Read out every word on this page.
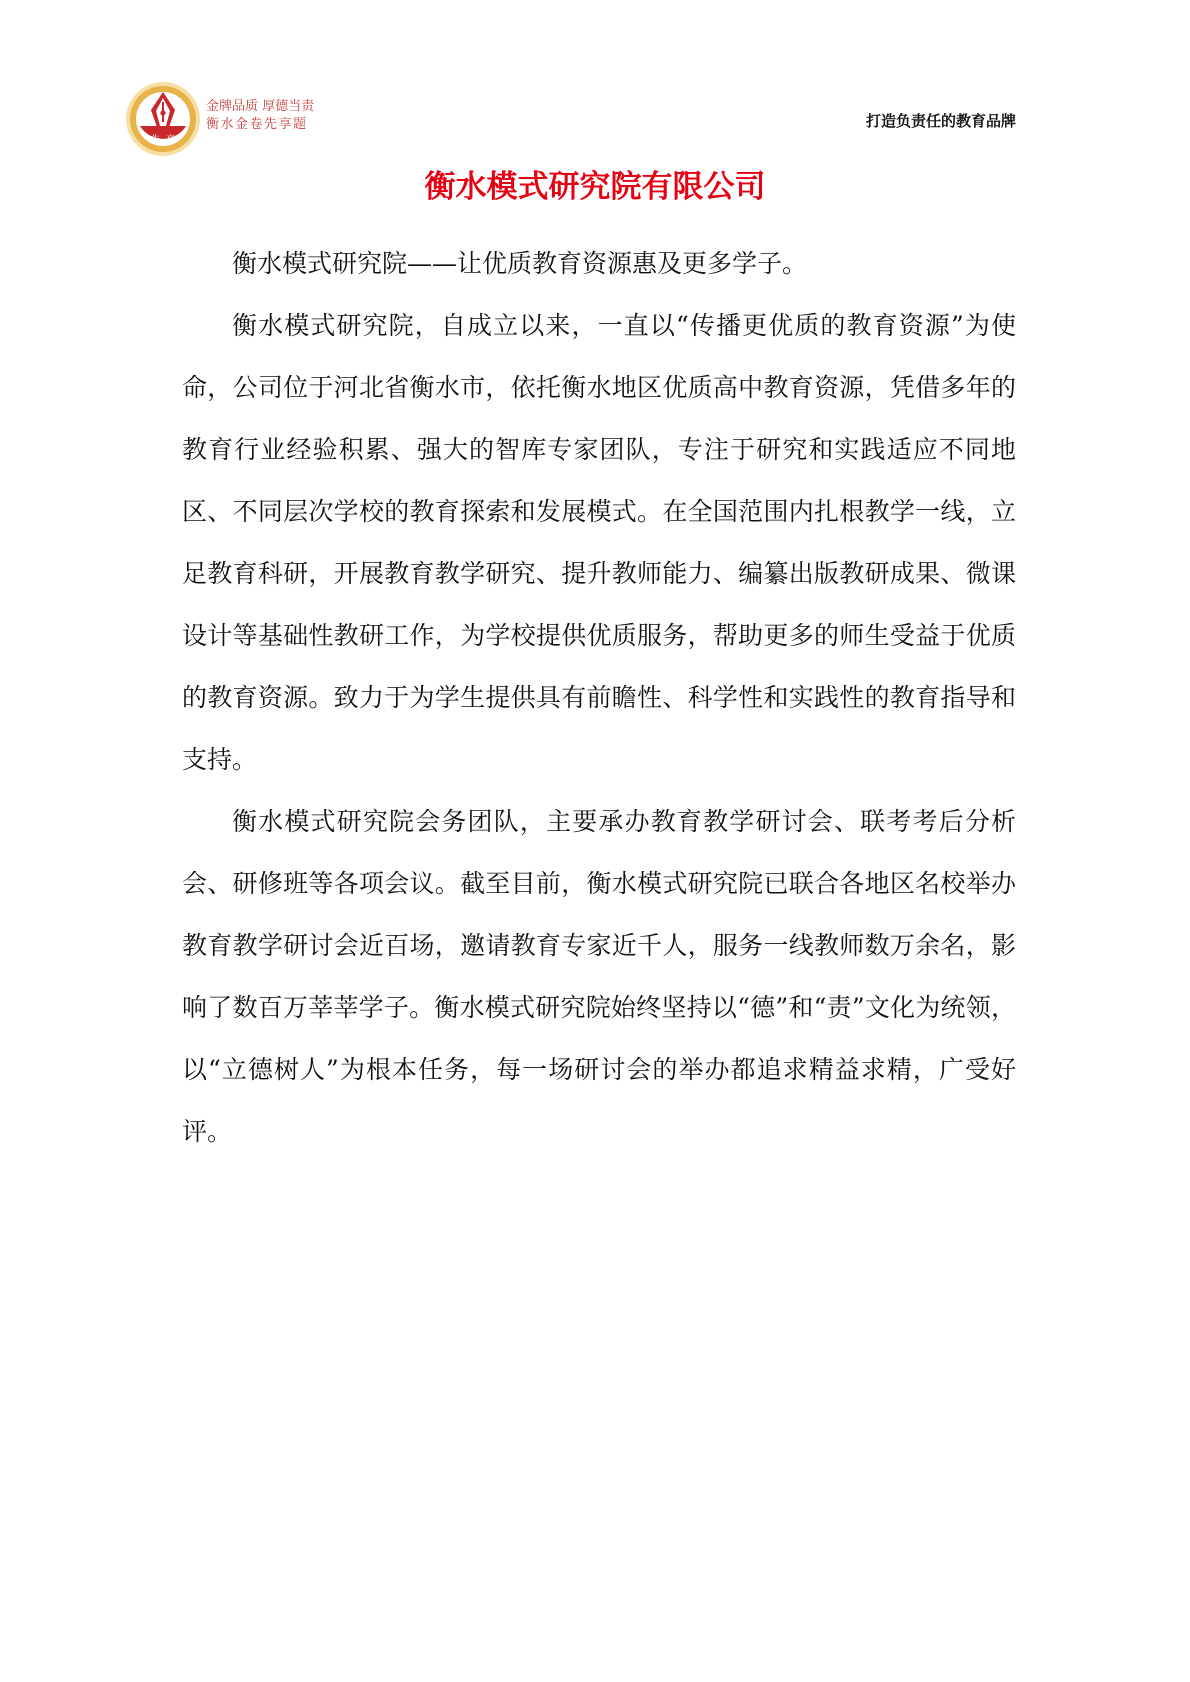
先享
金牌品质 厚德当责
衡水金卷先享题	打造负责任的教育品牌
衡水模式研究院有限公司

衡水模式研究院——让优质教育资源惠及更多学子。

衡水模式研究院，自成立以来，一直以“传播更优质的教育资源”为使命，公司位于河北省衡水市，依托衡水地区优质高中教育资源，凭借多年的教育行业经验积累、强大的智库专家团队，专注于研究和实践适应不同地区、不同层次学校的教育探索和发展模式。在全国范围内扎根教学一线，立足教育科研，开展教育教学研究、提升教师能力、编纂出版教研成果、微课设计等基础性教研工作，为学校提供优质服务，帮助更多的师生受益于优质的教育资源。致力于为学生提供具有前瞻性、科学性和实践性的教育指导和支持。

衡水模式研究院会务团队，主要承办教育教学研讨会、联考考后分析会、研修班等各项会议。截至目前，衡水模式研究院已联合各地区名校举办教育教学研讨会近百场，邀请教育专家近千人，服务一线教师数万余名，影响了数百万莘莘学子。衡水模式研究院始终坚持以“德”和“责”文化为统领，以“立德树人”为根本任务，每一场研讨会的举办都追求精益求精，广受好评。
